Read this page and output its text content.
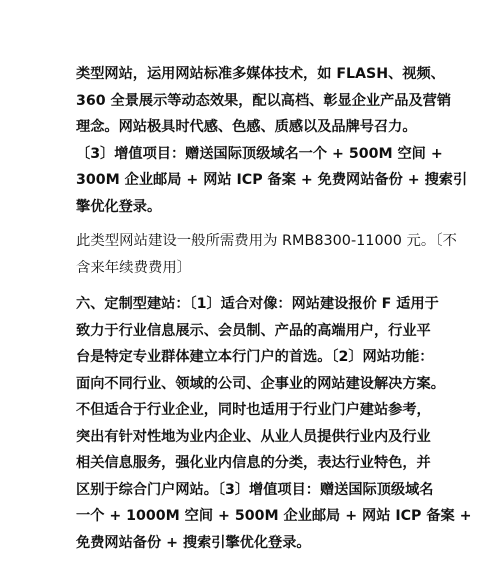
类型网站，运用网站标准多媒体技术，如 FLASH、视频、
360 全景展示等动态效果，配以高档、彰显企业产品及营销
理念。网站极具时代感、色感、质感以及品牌号召力。
〔3〕增值项目：赠送国际顶级域名一个 + 500M 空间 +
300M 企业邮局 + 网站 ICP 备案 + 免费网站备份 + 搜索引
擎优化登录。
此类型网站建设一般所需费用为 RMB8300-11000 元。〔不
含来年续费费用〕
六、定制型建站：〔1〕适合对像：网站建设报价 F 适用于
致力于行业信息展示、会员制、产品的高端用户，行业平
台是特定专业群体建立本行门户的首选。〔2〕网站功能：
面向不同行业、领域的公司、企事业的网站建设解决方案。
不但适合于行业企业，同时也适用于行业门户建站参考，
突出有针对性地为业内企业、从业人员提供行业内及行业
相关信息服务，强化业内信息的分类，表达行业特色，并
区别于综合门户网站。〔3〕增值项目：赠送国际顶级域名
一个 + 1000M 空间 + 500M 企业邮局 + 网站 ICP 备案 +
免费网站备份 + 搜索引擎优化登录。
